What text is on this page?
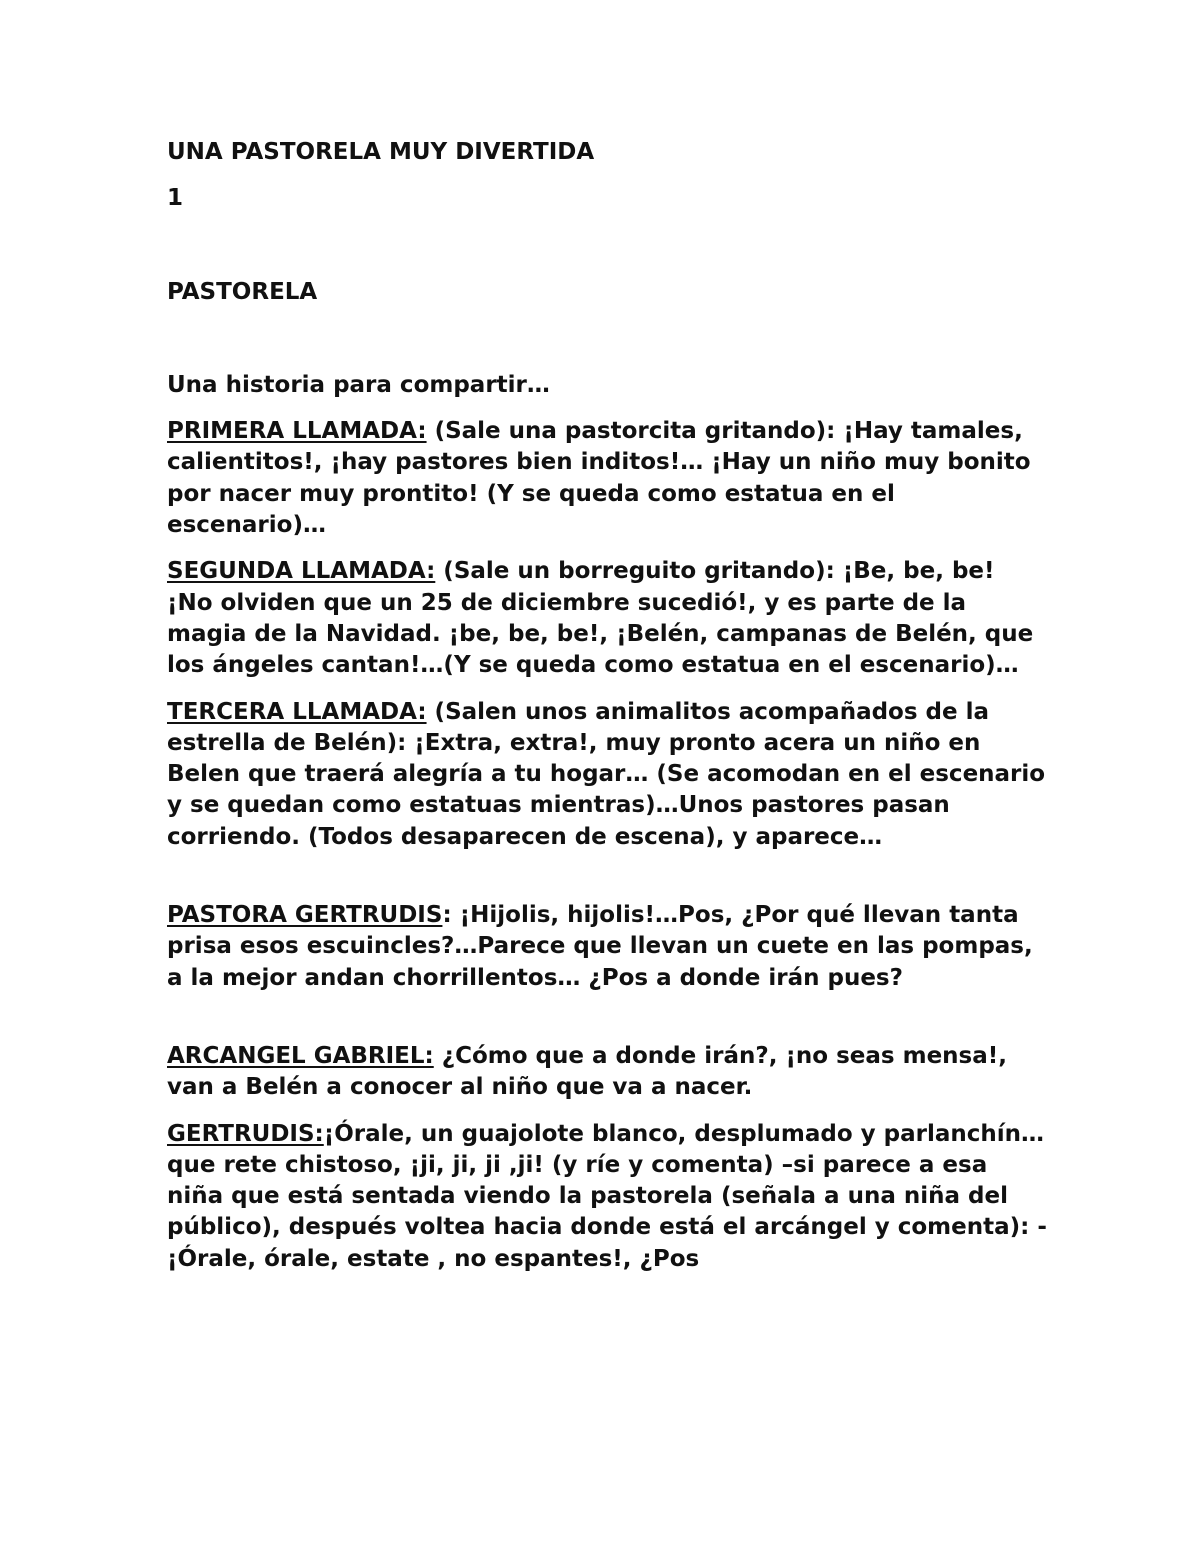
UNA PASTORELA MUY DIVERTIDA

1

PASTORELA

Una historia para compartir…

PRIMERA LLAMADA: (Sale una pastorcita gritando): ¡Hay tamales, calientitos!, ¡hay pastores bien inditos!… ¡Hay un niño muy bonito por nacer muy prontito! (Y se queda como estatua en el escenario)…

SEGUNDA LLAMADA: (Sale un borreguito gritando): ¡Be, be, be! ¡No olviden que un 25 de diciembre sucedió!, y es parte de la magia de la Navidad. ¡be, be, be!, ¡Belén, campanas de Belén, que los ángeles cantan!…(Y se queda como estatua en el escenario)…

TERCERA LLAMADA: (Salen unos animalitos acompañados de la estrella de Belén): ¡Extra, extra!, muy pronto acera un niño en Belen que traerá alegría a tu hogar… (Se acomodan en el escenario y se quedan como estatuas mientras)…Unos pastores pasan corriendo. (Todos desaparecen de escena), y aparece…

PASTORA GERTRUDIS: ¡Hijolis, hijolis!…Pos, ¿Por qué llevan tanta prisa esos escuincles?…Parece que llevan un cuete en las pompas, a la mejor andan chorrillentos… ¿Pos a donde irán pues?

ARCANGEL GABRIEL: ¿Cómo que a donde irán?, ¡no seas mensa!, van a Belén a conocer al niño que va a nacer.

GERTRUDIS:¡Órale, un guajolote blanco, desplumado y parlanchín…que rete chistoso, ¡ji, ji, ji ,ji! (y ríe y comenta) –si parece a esa niña que está sentada viendo la pastorela (señala a una niña del público), después voltea hacia donde está el arcángel y comenta): -¡Órale, órale, estate , no espantes!, ¿Pos
